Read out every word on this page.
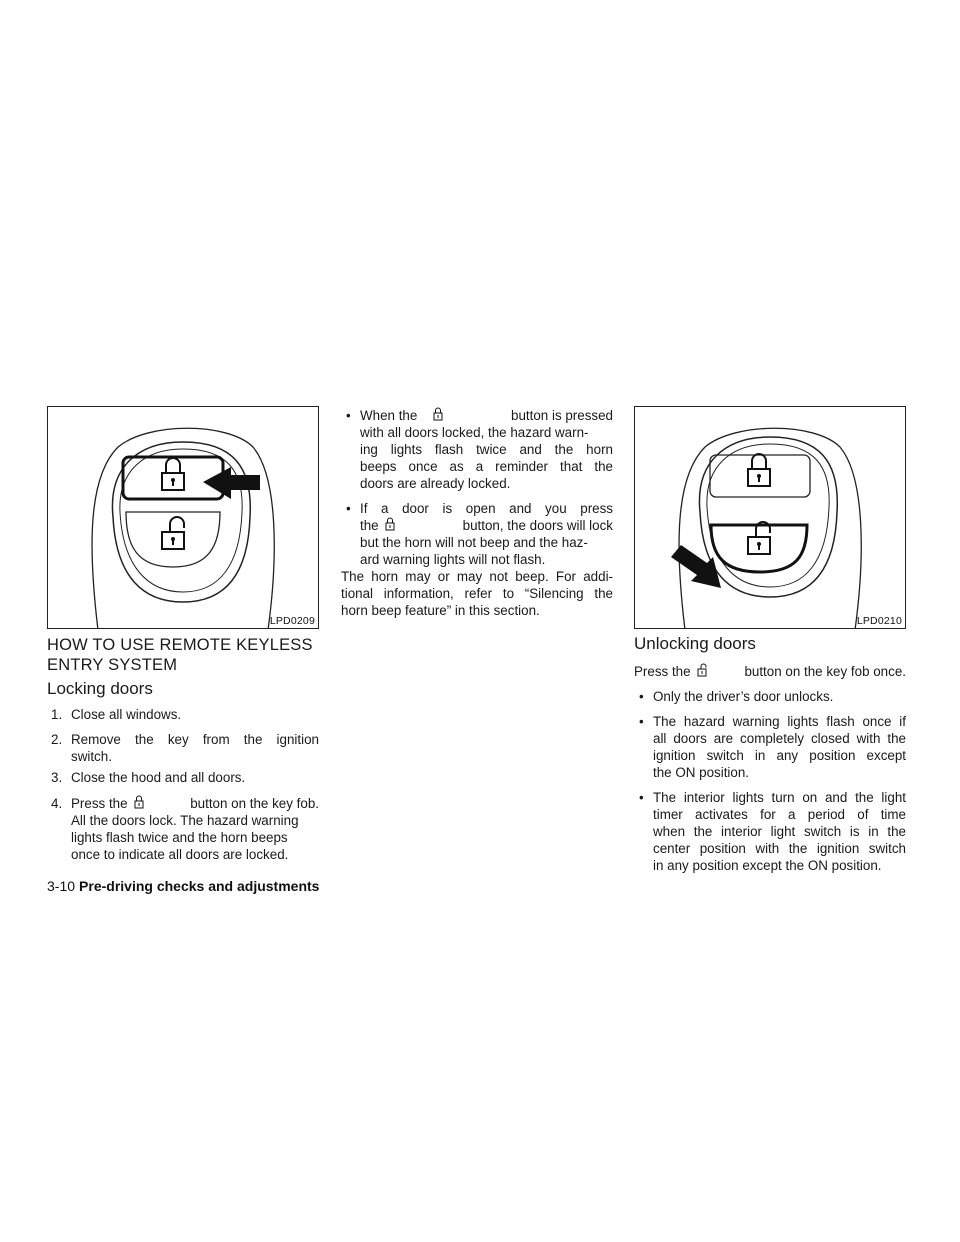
LPD0209	LPD0210
HOW TO USE REMOTE KEYLESS
ENTRY SYSTEM
Locking doors
1. Close all windows.
2. Remove the key from the ignition
switch.
3. Close the hood and all doors.
4. Press the	button on the key fob.
All the doors lock. The hazard warning
lights flash twice and the horn beeps
once to indicate all doors are locked.
• When the	button is pressed
with all doors locked, the hazard warn-
ing lights flash twice and the horn
beeps once as a reminder that the
doors are already locked.
• If a door is open and you press
the	button, the doors will lock
but the horn will not beep and the haz-
ard warning lights will not flash.
The horn may or may not beep. For addi-
tional information, refer to “Silencing the
horn beep feature” in this section.
Unlocking doors
Press the	button on the key fob once.
• Only the driver’s door unlocks.
• The hazard warning lights flash once if
all doors are completely closed with the
ignition switch in any position except
the ON position.
• The interior lights turn on and the light
timer activates for a period of time
when the interior light switch is in the
center position with the ignition switch
in any position except the ON position.
3-10 Pre-driving checks and adjustments
